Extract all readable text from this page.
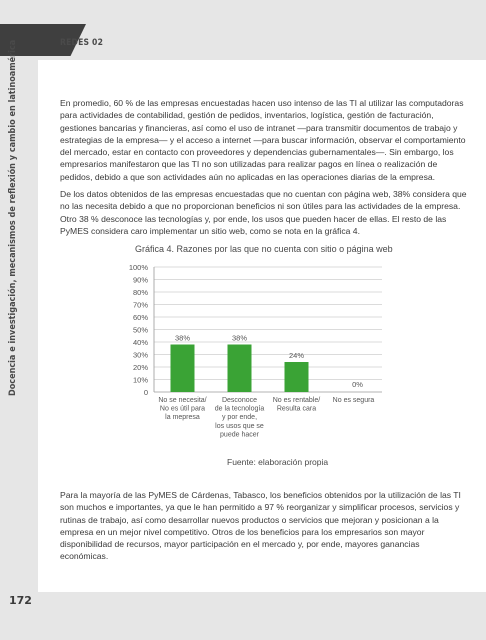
REDES 02
Docencia e investigación, mecanismos de reflexión y cambio en latinoamérica
172

En promedio, 60 % de las empresas encuestadas hacen uso intenso de las TI al utilizar las computadoras para actividades de contabilidad, gestión de pedidos, inventarios, logística, gestión de facturación, gestiones bancarias y financieras, así como el uso de intranet —para transmitir documentos de trabajo y estrategias de la empresa— y el acceso a internet —para buscar información, observar el comportamiento del mercado, estar en contacto con proveedores y dependencias gubernamentales—. Sin embargo, los empresarios manifestaron que las TI no son utilizadas para realizar pagos en línea o realización de pedidos, debido a que son actividades aún no aplicadas en las operaciones diarias de la empresa.

De los datos obtenidos de las empresas encuestadas que no cuentan con página web, 38% considera que no las necesita debido a que no proporcionan beneficios ni son útiles para las actividades de la empresa. Otro 38 % desconoce las tecnologías y, por ende, los usos que pueden hacer de ellas. El resto de las PyMES considera caro implementar un sitio web, como se nota en la gráfica 4.

Gráfica 4. Razones por las que no cuenta con sitio o página web
0
10%
20%
30%
40%
50%
60%
70%
80%
90%
100%
38%
No se necesita/
No es útil para
la mepresa
38%
Desconoce
de la tecnología
y por ende,
los usos que se
puede hacer
24%
No es rentable/
Resulta cara
0%
No es segura
Fuente: elaboración propia

Para la mayoría de las PyMES de Cárdenas, Tabasco, los beneficios obtenidos por la utilización de las TI son muchos e importantes, ya que le han permitido a 97 % reorganizar y simplificar procesos, servicios y rutinas de trabajo, así como desarrollar nuevos productos o servicios que mejoran y posicionan a la empresa en un mejor nivel competitivo. Otros de los beneficios para los empresarios son mayor disponibilidad de recursos, mayor participación en el mercado y, por ende, mayores ganancias económicas.
